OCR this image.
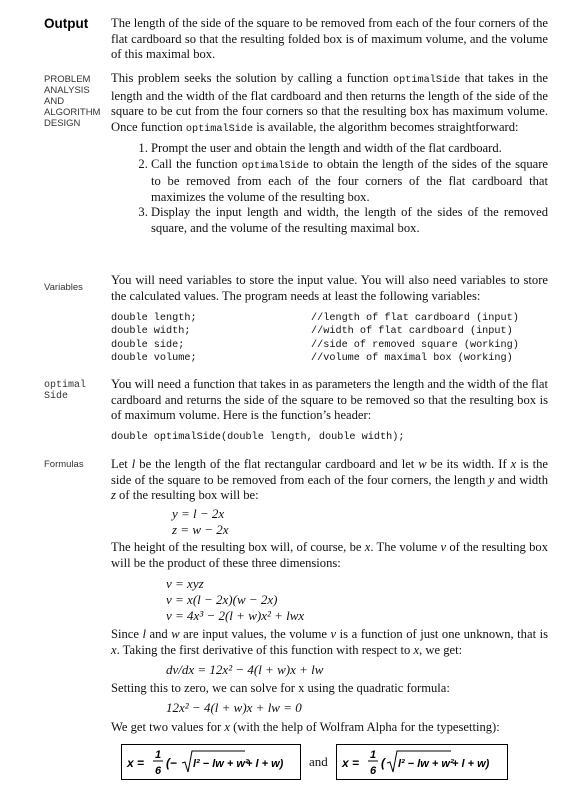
Output The length of the side of the square to be removed from each of the four corners of the flat cardboard so that the resulting folded box is of maximum volume, and the volume of this maximal box.

PROBLEM
ANALYSIS
AND
ALGORITHM
DESIGN

This problem seeks the solution by calling a function optimalSide that takes in the length and the width of the flat cardboard and then returns the length of the side of the square to be cut from the four corners so that the resulting box has maximum volume. Once function optimalSide is available, the algorithm becomes straightforward:

1. Prompt the user and obtain the length and width of the flat cardboard.
2. Call the function optimalSide to obtain the length of the sides of the square to be removed from each of the four corners of the flat cardboard that maximizes the volume of the resulting box.
3. Display the input length and width, the length of the sides of the removed square, and the volume of the resulting maximal box.
Variables

You will need variables to store the input value. You will also need variables to store the calculated values. The program needs at least the following variables:

double length;	//length of flat cardboard (input)
double width;	//width of flat cardboard (input)
double side;	//side of removed square (working)
double volume;	//volume of maximal box (working)
optimal
Side

You will need a function that takes in as parameters the length and the width of the flat cardboard and returns the side of the square to be removed so that the resulting box is of maximum volume. Here is the function’s header:

double optimalSide(double length, double width);

Formulas Let l be the length of the flat rectangular cardboard and let w be its width. If x is the side of the square to be removed from each of the four corners, the length y and width z of the resulting box will be:

y = l − 2x
z = w − 2x

The height of the resulting box will, of course, be x. The volume v of the resulting box will be the product of these three dimensions:

v = xyz
v = x(l − 2x)(w − 2x)
v = 4x³ − 2(l + w)x² + lwx

Since l and w are input values, the volume v is a function of just one unknown, that is x. Taking the first derivative of this function with respect to x, we get:

dv/dx = 12x² − 4(l + w)x + lw

Setting this to zero, we can solve for x using the quadratic formula:

12x² − 4(l + w)x + lw = 0

We get two values for x (with the help of Wolfram Alpha for the typesetting):

x =
1
6
(− l² − lw + w²
+ l + w) and x =
1
6
( l² − lw + w²
+ l + w)
